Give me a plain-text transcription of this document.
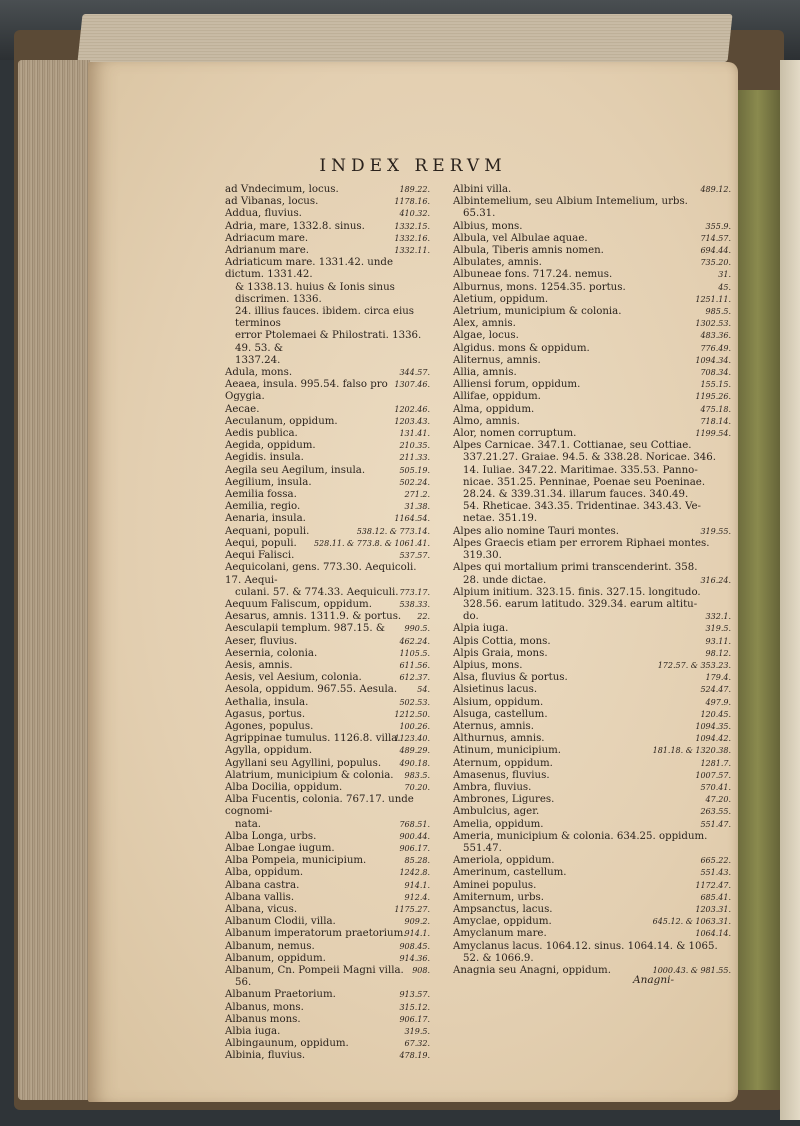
INDEX RERVM
ad Vndecimum, locus.	189.22.
ad Vibanas, locus.	1178.16.
Addua, fluvius.	410.32.
Adria, mare, 1332.8. sinus.	1332.15.
Adriacum mare.	1332.16.
Adrianum mare.	1332.11.
Adriaticum mare. 1331.42. unde dictum. 1331.42.
& 1338.13. huius & Ionis sinus discrimen. 1336.
24. illius fauces. ibidem. circa eius terminos
error Ptolemaei & Philostrati. 1336. 49. 53. &
1337.24.
Adula, mons.	344.57.
Aeaea, insula. 995.54. falso pro Ogygia.
1307.46.
Aecae.	1202.46.
Aeculanum, oppidum.	1203.43.
Aedis publica.	131.41.
Aegida, oppidum.	210.35.
Aegidis. insula.	211.33.
Aegila seu Aegilum, insula.	505.19.
Aegilium, insula.	502.24.
Aemilia fossa.	271.2.
Aemilia, regio.	31.38.
Aenaria, insula.	1164.54.
Aequani, populi.	538.12. & 773.14.
Aequi, populi. 528.11. & 773.8. & 1061.41.
Aequi Falisci.	537.57.
Aequicolani, gens. 773.30. Aequicoli. 17. Aequi-
culani. 57. & 774.33. Aequiculi. 773.17.
Aequum Faliscum, oppidum.	538.33.
Aesarus, amnis. 1311.9. & portus. 22.
Aesculapii templum. 987.15. & 990.5.
Aeser, fluvius.	462.24.
Aesernia, colonia.	1105.5.
Aesis, amnis.	611.56.
Aesis, vel Aesium, colonia.	612.37.
Aesola, oppidum. 967.55. Aesula.	54.
Aethalia, insula.	502.53.
Agasus, portus.	1212.50.
Agones, populus.	100.26.
Agrippinae tumulus. 1126.8. villa.
1123.40.
Agylla, oppidum.	489.29.
Agyllani seu Agyllini, populus. 490.18.
Alatrium, municipium & colonia. 983.5.
Alba Docilia, oppidum.	70.20.
Alba Fucentis, colonia. 767.17. unde cognomi-
nata.	768.51.
Alba Longa, urbs.	900.44.
Albae Longae iugum.	906.17.
Alba Pompeia, municipium.	85.28.
Alba, oppidum.	1242.8.
Albana castra.	914.1.
Albana vallis.	912.4.
Albana, vicus.	1175.27.
Albanum Clodii, villa.	909.2.
Albanum imperatorum praetorium.
914.1.
Albanum, nemus.	908.45.
Albanum, oppidum.	914.36.
Albanum, Cn. Pompeii Magni villa. 908.
56.
Albanum Praetorium.	913.57.
Albanus, mons.	315.12.
Albanus mons.	906.17.
Albia iuga.	319.5.
Albingaunum, oppidum.	67.32.
Albinia, fluvius.	478.19.
Albini villa.	489.12.
Albintemelium, seu Albium Intemelium, urbs.
65.31.
Albius, mons.	355.9.
Albula, vel Albulae aquae.	714.57.
Albula, Tiberis amnis nomen.	694.44.
Albulates, amnis.	735.20.
Albuneae fons. 717.24. nemus.	31.
Alburnus, mons. 1254.35. portus.	45.
Aletium, oppidum.	1251.11.
Aletrium, municipium & colonia.	985.5.
Alex, amnis.	1302.53.
Algae, locus.	483.36.
Algidus. mons & oppidum.	776.49.
Aliternus, amnis.	1094.34.
Allia, amnis.	708.34.
Alliensi forum, oppidum.	155.15.
Allifae, oppidum.	1195.26.
Alma, oppidum.	475.18.
Almo, amnis.	718.14.
Alor, nomen corruptum.	1199.54.
Alpes Carnicae. 347.1. Cottianae, seu Cottiae.
337.21.27. Graiae. 94.5. & 338.28. Noricae. 346.
14. Iuliae. 347.22. Maritimae. 335.53. Panno-
nicae. 351.25. Penninae, Poenae seu Poeninae.
28.24. & 339.31.34. illarum fauces. 340.49.
54. Rheticae. 343.35. Tridentinae. 343.43. Ve-
netae. 351.19.
Alpes alio nomine Tauri montes.	319.55.
Alpes Graecis etiam per errorem Riphaei montes.
319.30.
Alpes qui mortalium primi transcenderint. 358.
28. unde dictae.	316.24.
Alpium initium. 323.15. finis. 327.15. longitudo.
328.56. earum latitudo. 329.34. earum altitu-
do.	332.1.
Alpia iuga.	319.5.
Alpis Cottia, mons.	93.11.
Alpis Graia, mons.	98.12.
Alpius, mons.	172.57. & 353.23.
Alsa, fluvius & portus.	179.4.
Alsietinus lacus.	524.47.
Alsium, oppidum.	497.9.
Alsuga, castellum.	120.45.
Aternus, amnis.	1094.35.
Althurnus, amnis.	1094.42.
Atinum, municipium.	181.18. & 1320.38.
Aternum, oppidum.	1281.7.
Amasenus, fluvius.	1007.57.
Ambra, fluvius.	570.41.
Ambrones, Ligures.	47.20.
Ambulcius, ager.	263.55.
Amelia, oppidum.	551.47.
Ameria, municipium & colonia. 634.25. oppidum.
551.47.
Ameriola, oppidum.	665.22.
Amerinum, castellum.	551.43.
Aminei populus.	1172.47.
Amiternum, urbs.	685.41.
Ampsanctus, lacus.	1203.31.
Amyclae, oppidum.	645.12. & 1063.31.
Amyclanum mare.	1064.14.
Amyclanus lacus. 1064.12. sinus. 1064.14. & 1065.
52. & 1066.9.
Anagnia seu Anagni, oppidum.	1000.43. & 981.55.
Anagni-
